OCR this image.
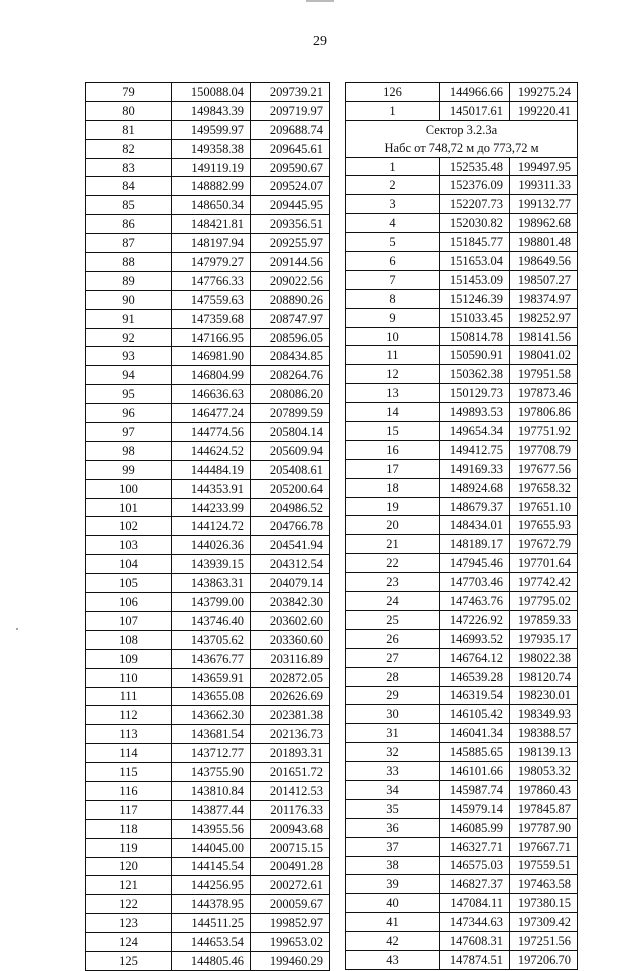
29
79	150088.04	209739.21
80	149843.39	209719.97
81	149599.97	209688.74
82	149358.38	209645.61
83	149119.19	209590.67
84	148882.99	209524.07
85	148650.34	209445.95
86	148421.81	209356.51
87	148197.94	209255.97
88	147979.27	209144.56
89	147766.33	209022.56
90	147559.63	208890.26
91	147359.68	208747.97
92	147166.95	208596.05
93	146981.90	208434.85
94	146804.99	208264.76
95	146636.63	208086.20
96	146477.24	207899.59
97	144774.56	205804.14
98	144624.52	205609.94
99	144484.19	205408.61
100	144353.91	205200.64
101	144233.99	204986.52
102	144124.72	204766.78
103	144026.36	204541.94
104	143939.15	204312.54
105	143863.31	204079.14
106	143799.00	203842.30
107	143746.40	203602.60
108	143705.62	203360.60
109	143676.77	203116.89
110	143659.91	202872.05
111	143655.08	202626.69
112	143662.30	202381.38
113	143681.54	202136.73
114	143712.77	201893.31
115	143755.90	201651.72
116	143810.84	201412.53
117	143877.44	201176.33
118	143955.56	200943.68
119	144045.00	200715.15
120	144145.54	200491.28
121	144256.95	200272.61
122	144378.95	200059.67
123	144511.25	199852.97
124	144653.54	199653.02
125	144805.46	199460.29
126	144966.66	199275.24
1	145017.61	199220.41
Сектор 3.2.3а		
Набс от 748,72 м до 773,72 м		
1	152535.48	199497.95
2	152376.09	199311.33
3	152207.73	199132.77
4	152030.82	198962.68
5	151845.77	198801.48
6	151653.04	198649.56
7	151453.09	198507.27
8	151246.39	198374.97
9	151033.45	198252.97
10	150814.78	198141.56
11	150590.91	198041.02
12	150362.38	197951.58
13	150129.73	197873.46
14	149893.53	197806.86
15	149654.34	197751.92
16	149412.75	197708.79
17	149169.33	197677.56
18	148924.68	197658.32
19	148679.37	197651.10
20	148434.01	197655.93
21	148189.17	197672.79
22	147945.46	197701.64
23	147703.46	197742.42
24	147463.76	197795.02
25	147226.92	197859.33
26	146993.52	197935.17
27	146764.12	198022.38
28	146539.28	198120.74
29	146319.54	198230.01
30	146105.42	198349.93
31	146041.34	198388.57
32	145885.65	198139.13
33	146101.66	198053.32
34	145987.74	197860.43
35	145979.14	197845.87
36	146085.99	197787.90
37	146327.71	197667.71
38	146575.03	197559.51
39	146827.37	197463.58
40	147084.11	197380.15
41	147344.63	197309.42
42	147608.31	197251.56
43	147874.51	197206.70
